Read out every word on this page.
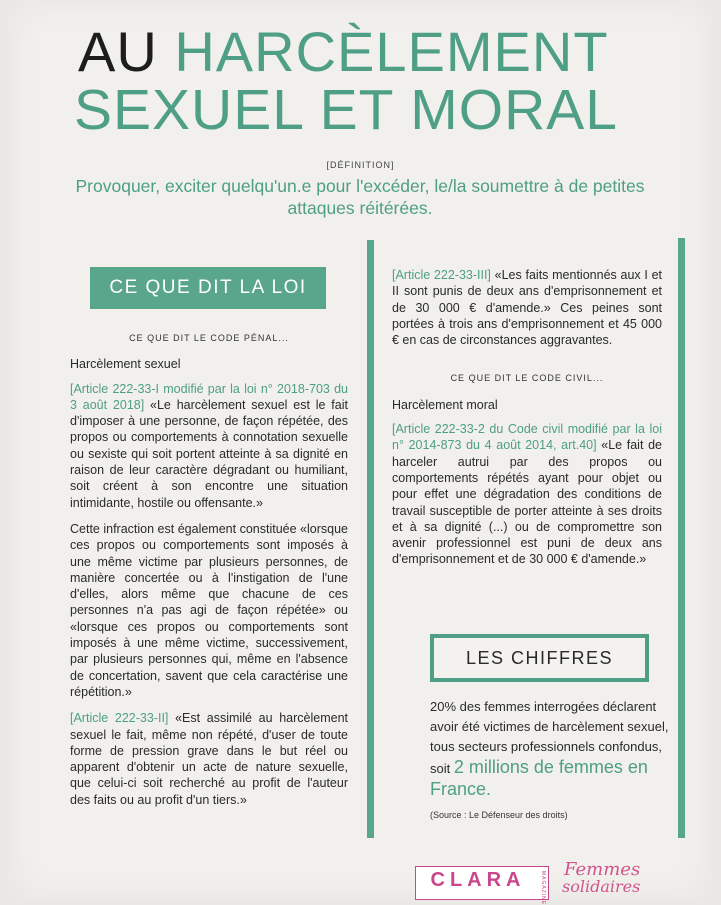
AU HARCÈLEMENT
SEXUEL ET MORAL
[DÉFINITION]
Provoquer, exciter quelqu'un.e pour l'excéder, le/la soumettre à de petites attaques réitérées.
CE QUE DIT LA LOI
CE QUE DIT LE CODE PÉNAL...
Harcèlement sexuel

[Article 222-33-I modifié par la loi n° 2018-703 du 3 août 2018] «Le harcèlement sexuel est le fait d'imposer à une personne, de façon répétée, des propos ou comportements à connotation sexuelle ou sexiste qui soit portent atteinte à sa dignité en raison de leur caractère dégradant ou humiliant, soit créent à son encontre une situation intimidante, hostile ou offensante.»

Cette infraction est également constituée «lorsque ces propos ou comportements sont imposés à une même victime par plusieurs personnes, de manière concertée ou à l'instigation de l'une d'elles, alors même que chacune de ces personnes n'a pas agi de façon répétée» ou «lorsque ces propos ou comportements sont imposés à une même victime, successivement, par plusieurs personnes qui, même en l'absence de concertation, savent que cela caractérise une répétition.»

[Article 222-33-II] «Est assimilé au harcèlement sexuel le fait, même non répété, d'user de toute forme de pression grave dans le but réel ou apparent d'obtenir un acte de nature sexuelle, que celui-ci soit recherché au profit de l'auteur des faits ou au profit d'un tiers.»

[Article 222-33-III] «Les faits mentionnés aux I et II sont punis de deux ans d'emprisonnement et de 30 000 € d'amende.» Ces peines sont portées à trois ans d'emprisonnement et 45 000 € en cas de circonstances aggravantes.

CE QUE DIT LE CODE CIVIL...
Harcèlement moral

[Article 222-33-2 du Code civil modifié par la loi n° 2014-873 du 4 août 2014, art.40] «Le fait de harceler autrui par des propos ou comportements répétés ayant pour objet ou pour effet une dégradation des conditions de travail susceptible de porter atteinte à ses droits et à sa dignité (...) ou de compromettre son avenir professionnel est puni de deux ans d'emprisonnement et de 30 000 € d'amende.»

LES CHIFFRES
20% des femmes interrogées déclarent avoir été victimes de harcèlement sexuel, tous secteurs professionnels confondus, soit 2 millions de femmes en France.
(Source : Le Défenseur des droits)
CLARA	MAGAZINE
Femmes
solidaires
